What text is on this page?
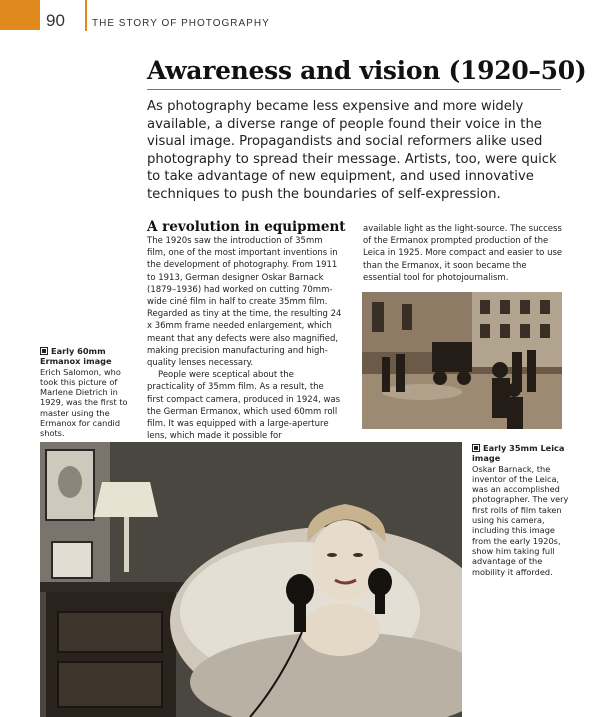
90	THE STORY OF PHOTOGRAPHY
Awareness and vision (1920–50)

As photography became less expensive and more widely available, a diverse range of people found their voice in the visual image. Propagandists and social reformers alike used photography to spread their message. Artists, too, were quick to take advantage of new equipment, and used innovative techniques to push the boundaries of self-expression.

A revolution in equipment

The 1920s saw the introduction of 35mm film, one of the most important inventions in the development of photography. From 1911 to 1913, German designer Oskar Barnack (1879–1936) had worked on cutting 70mm-wide ciné film in half to create 35mm film. Regarded as tiny at the time, the resulting 24 x 36mm frame needed enlargement, which meant that any defects were also magnified, making precision manufacturing and high-quality lenses necessary.

People were sceptical about the practicality of 35mm film. As a result, the first compact camera, produced in 1924, was the German Ermanox, which used 60mm roll film. It was equipped with a large-aperture lens, which made it possible for

available light as the light-source. The success of the Ermanox prompted production of the Leica in 1925. More compact and easier to use than the Ermanox, it soon became the essential tool for photojournalism.

Early 60mm Ermanox image
Erich Salomon, who took this picture of Marlene Dietrich in 1929, was the first to master using the Ermanox for candid shots.
Early 35mm Leica image
Oskar Barnack, the inventor of the Leica, was an accomplished photographer. The very first rolls of film taken using his camera, including this image from the early 1920s, show him taking full advantage of the mobility it afforded.
